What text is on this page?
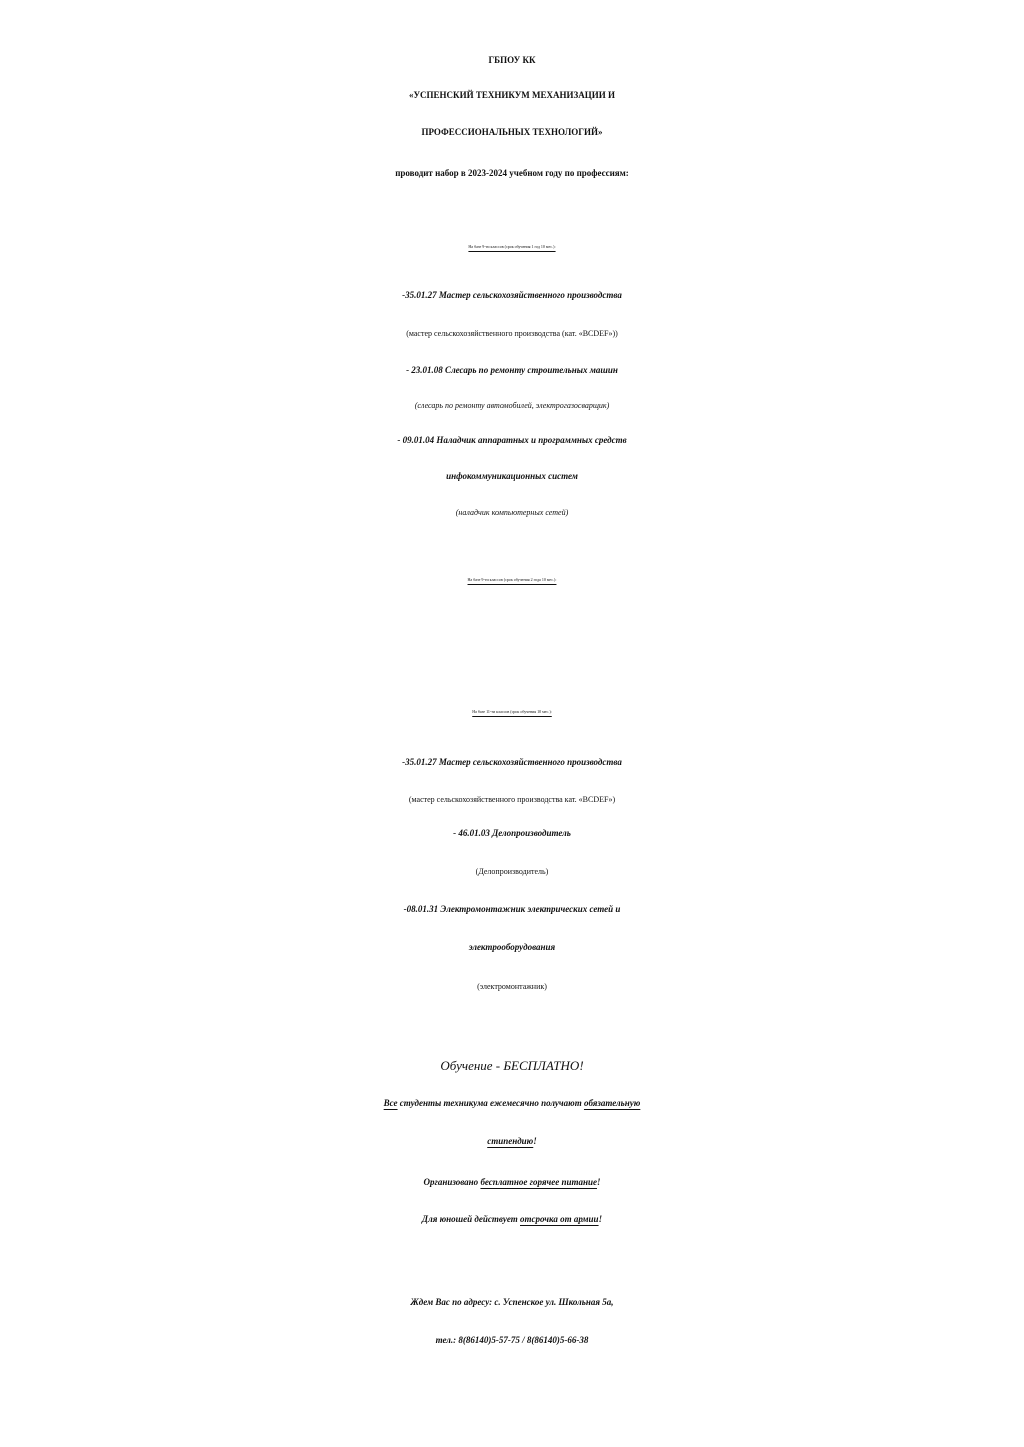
ГБПОУ КК
«УСПЕНСКИЙ ТЕХНИКУМ МЕХАНИЗАЦИИ И
ПРОФЕССИОНАЛЬНЫХ ТЕХНОЛОГИЙ»
проводит набор в 2023-2024 учебном году по профессиям:
На базе 9-ти классов (срок обучения 1 год 10 мес.):
-35.01.27 Мастер сельскохозяйственного производства
(мастер сельскохозяйственного производства (кат. «BCDEF»))
- 23.01.08 Слесарь по ремонту строительных машин
(слесарь по ремонту автомобилей, электрогазосварщик)
- 09.01.04 Наладчик аппаратных и программных средств
инфокоммуникационных систем
(наладчик компьютерных сетей)
На базе 9-ти классов (срок обучения 2 года 10 мес.):
На базе 11-ти классов (срок обучения 10 мес.):
-35.01.27 Мастер сельскохозяйственного производства
(мастер сельскохозяйственного производства кат. «BCDEF»)
- 46.01.03 Делопроизводитель
(Делопроизводитель)
-08.01.31 Электромонтажник электрических сетей и
электрооборудования
(электромонтажник)
Обучение - БЕСПЛАТНО!
Все студенты техникума ежемесячно получают обязательную
стипендию!
Организовано бесплатное горячее питание!
Для юношей действует отсрочка от армии!
Ждем Вас по адресу: с. Успенское ул. Школьная 5а,
тел.: 8(86140)5-57-75 / 8(86140)5-66-38
